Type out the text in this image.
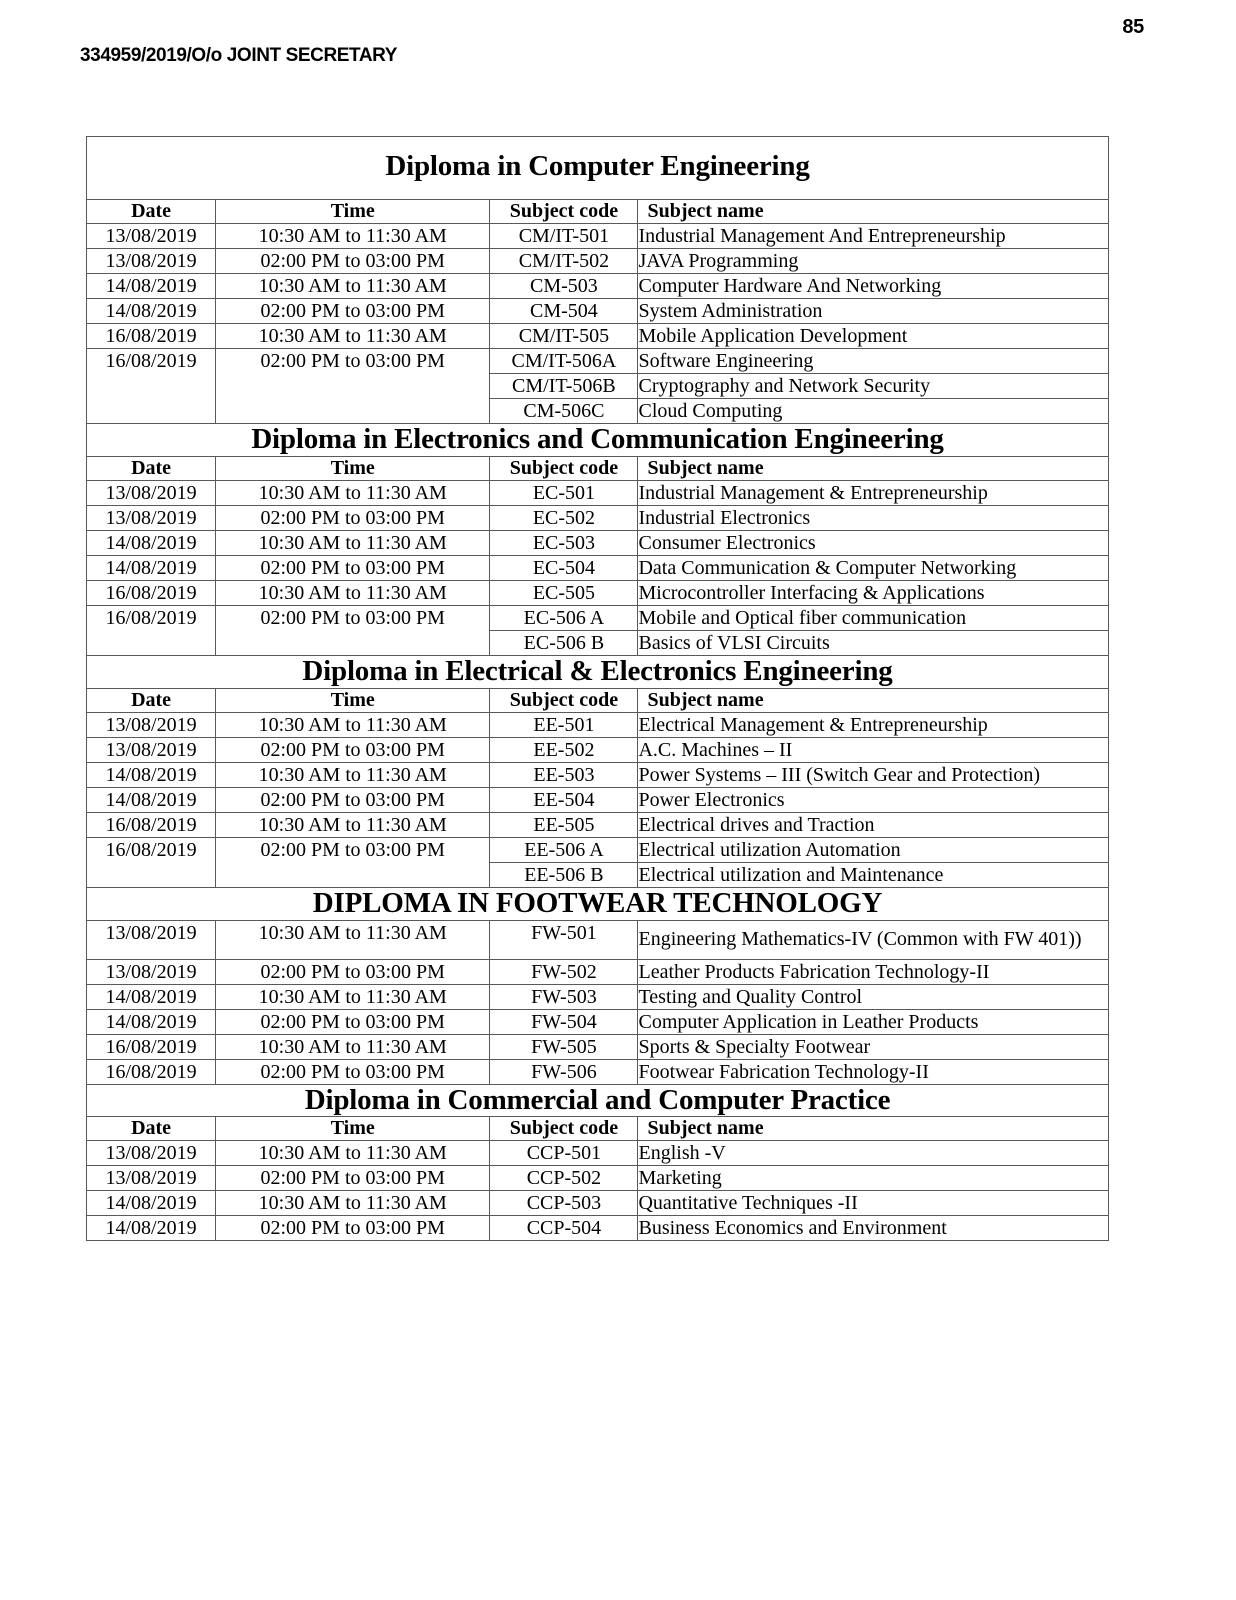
85
334959/2019/O/o JOINT SECRETARY
Diploma in Computer Engineering			
Date	Time	Subject code	Subject name
13/08/2019	10:30 AM to 11:30 AM	CM/IT-501	Industrial Management And Entrepreneurship
13/08/2019	02:00 PM to 03:00 PM	CM/IT-502	JAVA Programming
14/08/2019	10:30 AM to 11:30 AM	CM-503	Computer Hardware And Networking
14/08/2019	02:00 PM to 03:00 PM	CM-504	System Administration
16/08/2019	10:30 AM to 11:30 AM	CM/IT-505	Mobile Application Development
16/08/2019	02:00 PM to 03:00 PM	CM/IT-506A	Software Engineering
		CM/IT-506B	Cryptography and Network Security
		CM-506C	Cloud Computing
Diploma in Electronics and Communication Engineering			
Date	Time	Subject code	Subject name
13/08/2019	10:30 AM to 11:30 AM	EC-501	Industrial Management & Entrepreneurship
13/08/2019	02:00 PM to 03:00 PM	EC-502	Industrial Electronics
14/08/2019	10:30 AM to 11:30 AM	EC-503	Consumer Electronics
14/08/2019	02:00 PM to 03:00 PM	EC-504	Data Communication & Computer Networking
16/08/2019	10:30 AM to 11:30 AM	EC-505	Microcontroller Interfacing & Applications
16/08/2019	02:00 PM to 03:00 PM	EC-506 A	Mobile and Optical fiber communication
		EC-506 B	Basics of VLSI Circuits
Diploma in Electrical & Electronics Engineering			
Date	Time	Subject code	Subject name
13/08/2019	10:30 AM to 11:30 AM	EE-501	Electrical Management & Entrepreneurship
13/08/2019	02:00 PM to 03:00 PM	EE-502	A.C. Machines – II
14/08/2019	10:30 AM to 11:30 AM	EE-503	Power Systems – III (Switch Gear and Protection)
14/08/2019	02:00 PM to 03:00 PM	EE-504	Power Electronics
16/08/2019	10:30 AM to 11:30 AM	EE-505	Electrical drives and Traction
16/08/2019	02:00 PM to 03:00 PM	EE-506 A	Electrical utilization Automation
		EE-506 B	Electrical utilization and Maintenance
DIPLOMA IN FOOTWEAR TECHNOLOGY			
13/08/2019	10:30 AM to 11:30 AM	FW-501	Engineering Mathematics-IV (Common with FW 401))
13/08/2019	02:00 PM to 03:00 PM	FW-502	Leather Products Fabrication Technology-II
14/08/2019	10:30 AM to 11:30 AM	FW-503	Testing and Quality Control
14/08/2019	02:00 PM to 03:00 PM	FW-504	Computer Application in Leather Products
16/08/2019	10:30 AM to 11:30 AM	FW-505	Sports & Specialty Footwear
16/08/2019	02:00 PM to 03:00 PM	FW-506	Footwear Fabrication Technology-II
Diploma in Commercial and Computer Practice			
Date	Time	Subject code	Subject name
13/08/2019	10:30 AM to 11:30 AM	CCP-501	English -V
13/08/2019	02:00 PM to 03:00 PM	CCP-502	Marketing
14/08/2019	10:30 AM to 11:30 AM	CCP-503	Quantitative Techniques -II
14/08/2019	02:00 PM to 03:00 PM	CCP-504	Business Economics and Environment
